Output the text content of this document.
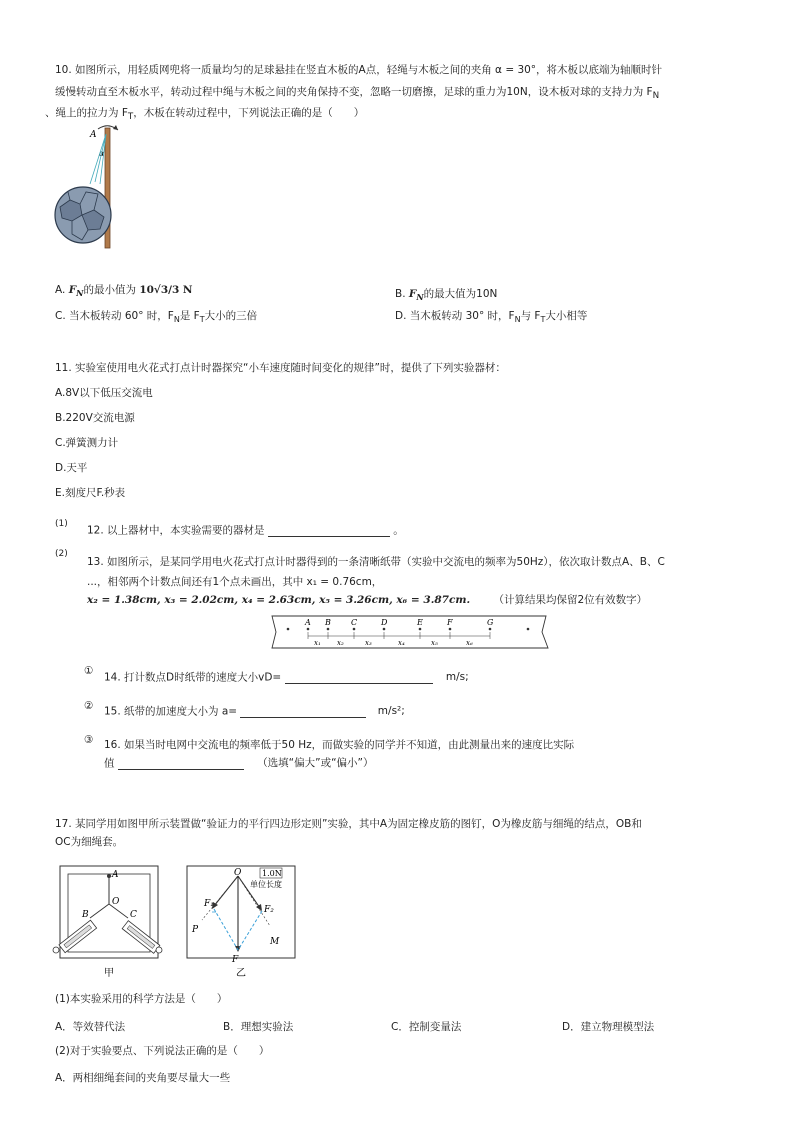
10. 如图所示，用轻质网兜将一质量均匀的足球悬挂在竖直木板的A点，轻绳与木板之间的夹角 α = 30°，将木板以底端为轴顺时针
缓慢转动直至木板水平，转动过程中绳与木板之间的夹角保持不变，忽略一切磨擦，足球的重力为10N，设木板对球的支持力为 $F_N$
、绳上的拉力为 $F_T$，木板在转动过程中，下列说法正确的是（　　）
A
A. $F_N$的最小值为 10√3/3 N	B. $F_N$的最大值为10N
C. 当木板转动 60° 时，$F_N$是 $F_T$大小的三倍	D. 当木板转动 30° 时，$F_N$与 $F_T$大小相等
11. 实验室使用电火花式打点计时器探究“小车速度随时间变化的规律”时，提供了下列实验器材：
A.8V以下低压交流电
B.220V交流电源
C.弹簧测力计
D.天平
E.刻度尺F.秒表
(1)
12. 以上器材中，本实验需要的器材是	。
(2)
13. 如图所示，是某同学用电火花式打点计时器得到的一条清晰纸带（实验中交流电的频率为50Hz），依次取计数点A、B、C
...，相邻两个计数点间还有1个点未画出，其中 x₁ = 0.76cm，
x₂ = 1.38cm, x₃ = 2.02cm, x₄ = 2.63cm, x₅ = 3.26cm, x₆ = 3.87cm. （计算结果均保留2位有效数字）
A B	C	D	E	F	G
x₁ x₂	x₃	x₄	x₅	x₆
①
14. 打计数点D时纸带的速度大小vD=	m/s;
② 15. 纸带的加速度大小为 a=	m/s²;
③ 16. 如果当时电网中交流电的频率低于50 Hz，而做实验的同学并不知道，由此测量出来的速度比实际
值	（选填“偏大”或“偏小”）
17. 某同学用如图甲所示装置做“验证力的平行四边形定则”实验，其中A为固定橡皮筋的图钉，O为橡皮筋与细绳的结点，OB和
OC为细绳套。
A
O
B	C
甲
O	1.0N
单位长度
F
F₁
F₂
P
M
乙
(1)本实验采用的科学方法是（　　）
A．等效替代法	B．理想实验法	C．控制变量法	D．建立物理模型法
(2)对于实验要点、下列说法正确的是（　　）
A．两相细绳套间的夹角要尽量大一些
